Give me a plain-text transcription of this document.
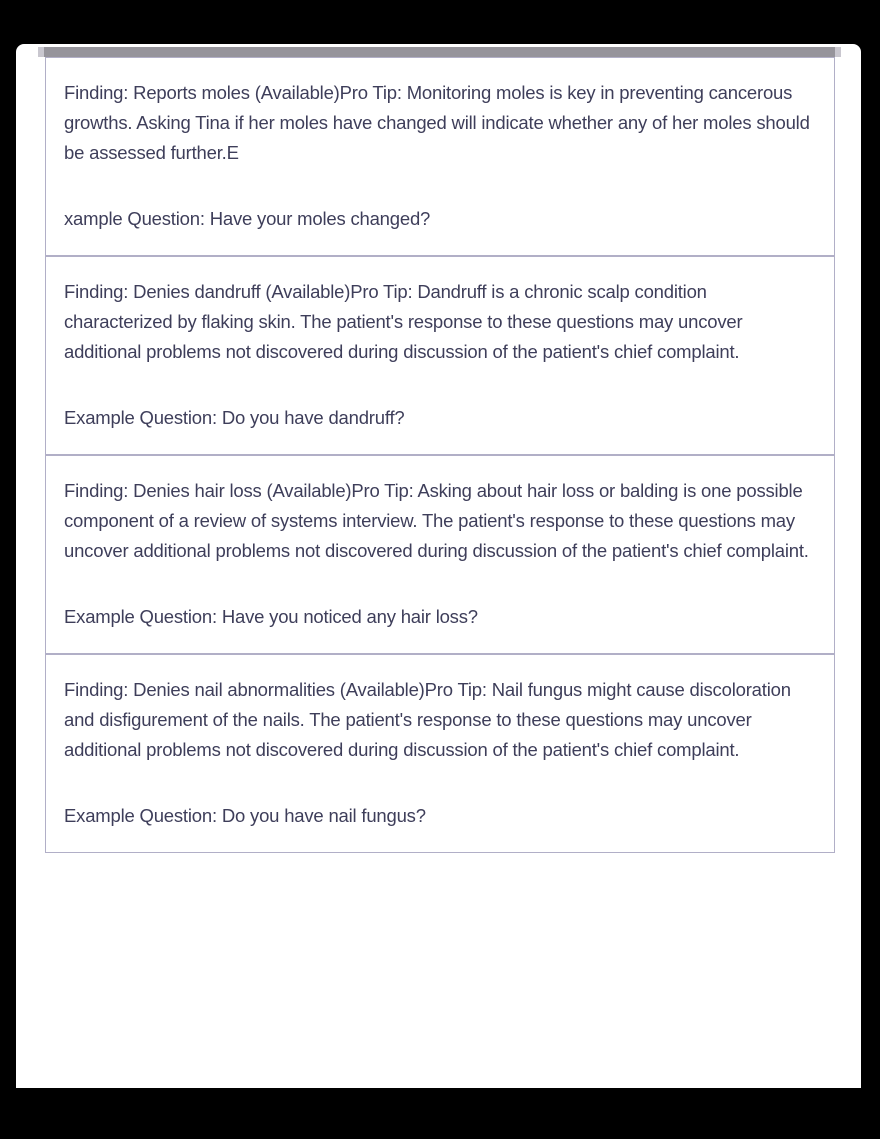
Finding: Reports moles (Available)Pro Tip: Monitoring moles is key in preventing cancerous growths. Asking Tina if her moles have changed will indicate whether any of her moles should be assessed further.E

xample Question: Have your moles changed?

Finding: Denies dandruff (Available)Pro Tip: Dandruff is a chronic scalp condition characterized by flaking skin. The patient's response to these questions may uncover additional problems not discovered during discussion of the patient's chief complaint.

Example Question: Do you have dandruff?

Finding: Denies hair loss (Available)Pro Tip: Asking about hair loss or balding is one possible component of a review of systems interview. The patient's response to these questions may uncover additional problems not discovered during discussion of the patient's chief complaint.

Example Question: Have you noticed any hair loss?

Finding: Denies nail abnormalities (Available)Pro Tip: Nail fungus might cause discoloration and disfigurement of the nails. The patient's response to these questions may uncover additional problems not discovered during discussion of the patient's chief complaint.

Example Question: Do you have nail fungus?
